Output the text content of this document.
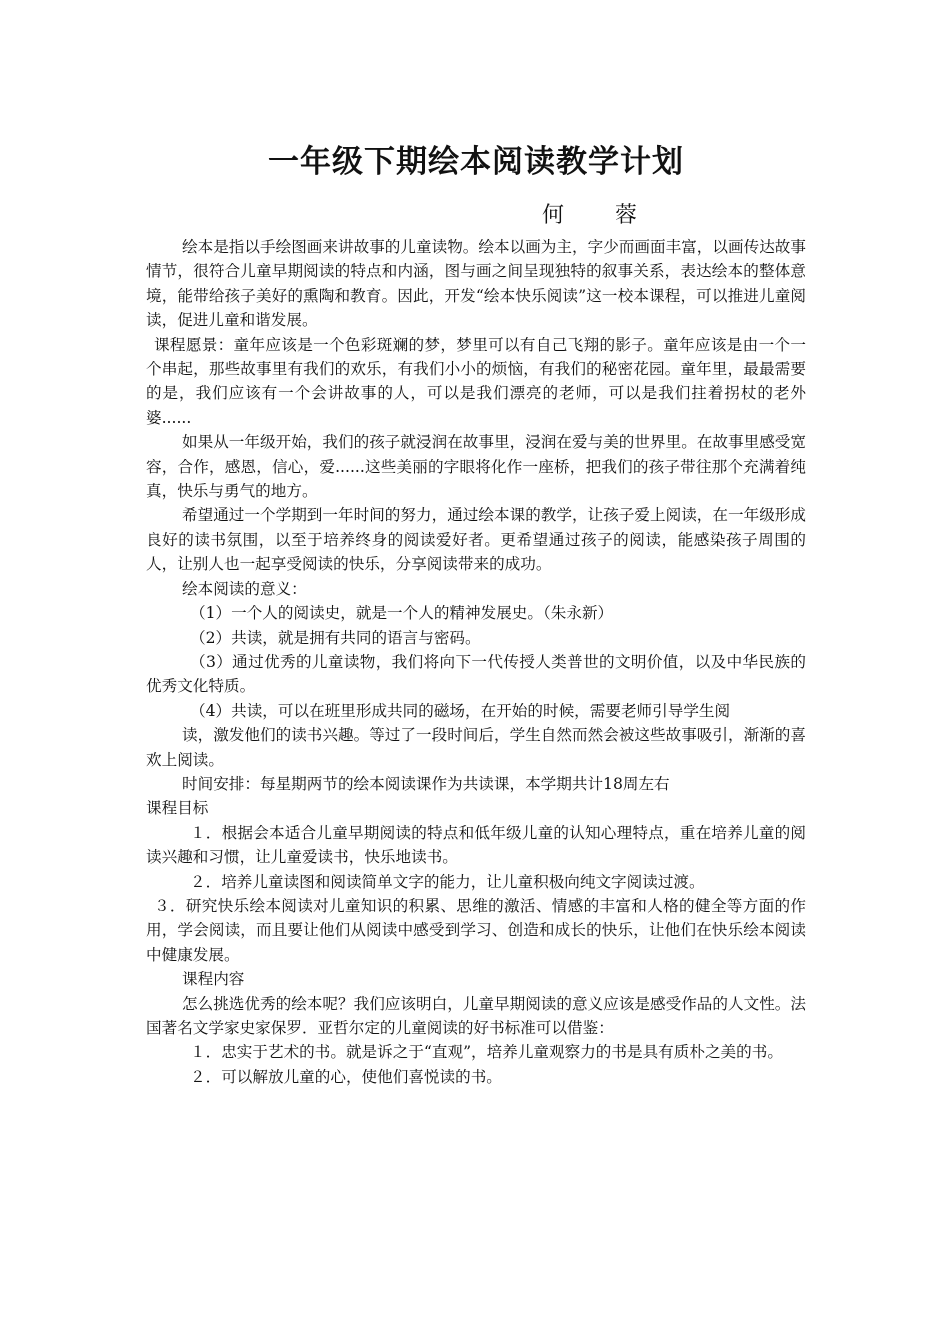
一年级下期绘本阅读教学计划

何 蓉

绘本是指以手绘图画来讲故事的儿童读物。绘本以画为主，字少而画面丰富，以画传达故事情节，很符合儿童早期阅读的特点和内涵，图与画之间呈现独特的叙事关系，表达绘本的整体意境，能带给孩子美好的熏陶和教育。因此，开发“绘本快乐阅读”这一校本课程，可以推进儿童阅读，促进儿童和谐发展。

课程愿景：童年应该是一个色彩斑斓的梦，梦里可以有自己飞翔的影子。童年应该是由一个一个串起，那些故事里有我们的欢乐，有我们小小的烦恼，有我们的秘密花园。童年里，最最需要的是，我们应该有一个会讲故事的人，可以是我们漂亮的老师，可以是我们拄着拐杖的老外婆......

如果从一年级开始，我们的孩子就浸润在故事里，浸润在爱与美的世界里。在故事里感受宽容，合作，感恩，信心，爱......这些美丽的字眼将化作一座桥，把我们的孩子带往那个充满着纯真，快乐与勇气的地方。

希望通过一个学期到一年时间的努力，通过绘本课的教学，让孩子爱上阅读，在一年级形成良好的读书氛围，以至于培养终身的阅读爱好者。更希望通过孩子的阅读，能感染孩子周围的人，让别人也一起享受阅读的快乐，分享阅读带来的成功。

绘本阅读的意义：

（1）一个人的阅读史，就是一个人的精神发展史。（朱永新）

（2）共读，就是拥有共同的语言与密码。

（3）通过优秀的儿童读物，我们将向下一代传授人类普世的文明价值，以及中华民族的优秀文化特质。

（4）共读，可以在班里形成共同的磁场，在开始的时候，需要老师引导学生阅

读，激发他们的读书兴趣。等过了一段时间后，学生自然而然会被这些故事吸引，渐渐的喜欢上阅读。

时间安排：每星期两节的绘本阅读课作为共读课，本学期共计18周左右

课程目标

１．根据会本适合儿童早期阅读的特点和低年级儿童的认知心理特点，重在培养儿童的阅读兴趣和习惯，让儿童爱读书，快乐地读书。

２．培养儿童读图和阅读简单文字的能力，让儿童积极向纯文字阅读过渡。

３．研究快乐绘本阅读对儿童知识的积累、思维的激活、情感的丰富和人格的健全等方面的作用，学会阅读，而且要让他们从阅读中感受到学习、创造和成长的快乐，让他们在快乐绘本阅读中健康发展。

课程内容

怎么挑选优秀的绘本呢？我们应该明白，儿童早期阅读的意义应该是感受作品的人文性。法国著名文学家史家保罗．亚哲尔定的儿童阅读的好书标准可以借鉴：

１．忠实于艺术的书。就是诉之于“直观”，培养儿童观察力的书是具有质朴之美的书。

２．可以解放儿童的心，使他们喜悦读的书。
